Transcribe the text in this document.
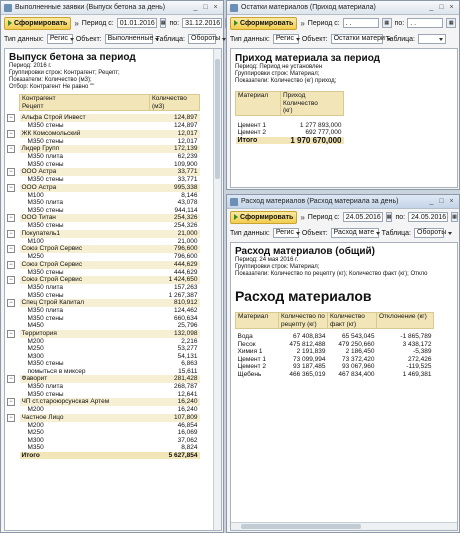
Выполненные заявки (Выпуск бетона за день)	_ □ ×
Сформировать » Период с: 01.01.2016	▦ по: 31.12.2016
Тип данных: Регис Объект: Выполненные Таблица: Обороты
Выпуск бетона за период
Период: 2016 г.
Группировки строк: Контрагент; Рецепт;
Показатели: Количество (м3);
Отбор: Контрагент Не равно ""
	Контрагент
Рецепт	Количество
(м3)

−	Альфа Строй Инвест	124,897
	M350 стены	124,897
−	ЖК Комсомольский	12,017
	M350 стены	12,017
−	Лидер Групп	172,139
	M350 плита	62,239
	M350 стены	109,900
−	ООО Астра	33,771
	M350 стены	33,771
−	ООО Астра	995,338
	M100	8,146
	M350 плита	43,078
	M350 стены	944,114
−	ООО Титан	254,326
	M350 стены	254,326
−	Покупатель1	21,000
	M100	21,000
−	Союз Строй Сервис	796,600
	M250	796,600
−	Союз Строй Сервис	444,629
	M350 стены	444,629
−	Союз Строй Сервис	1 424,650
	M350 плита	157,263
	M350 стены	1 267,387
−	Спец Строй Капитал	810,912
	M350 плита	124,462
	M350 стены	660,634
	M450	25,796
−	Территория	132,098
	M200	2,216
	M250	53,277
	M300	54,131
	M350 стены	6,863
	помыться в миксер	15,611
−	Фаворит	281,428
	M350 плита	268,787
	M350 стены	12,641
−	ЧП ст.староюрсунская Артем	16,240
	M200	16,240
−	Частное Лицо	107,809
	M200	46,854
	M250	16,069
	M300	37,062
	M350	8,824
	Итого	5 627,854
Остатки материалов (Приход материала)	_ □ ×
Сформировать » Период с: . .	▦ по: . .	▦
Тип данных: Регис Объект: Остатки матери Таблица:
Приход материала за период
Период: Период не установлен
Группировки строк: Материал;
Показатели: Количество (кг) приход;
Материал	Приход
Количество
(кг)

Цемент 1	1 277 893,000
Цемент 2	692 777,000
Итого	1 970 670,000
Расход материалов (Расход материала за день)	_ □ ×
Сформировать » Период с: 24.05.2016	▦ по: 24.05.2016	▦
Тип данных: Регис Объект: Расход мате Таблица: Обороты
Расход материалов (общий)
Период: 24 мая 2016 г.
Группировки строк: Материал;
Показатели: Количество по рецепту (кг); Количество факт (кг); Откло
Расход материалов
Материал	Количество по рецепту (кг)	Количество факт (кг)	Отклонение (кг)

Вода	67 408,834	65 543,045	-1 865,789
Песок	475 812,488	479 250,660	3 438,172
Химия 1	2 191,839	2 186,450	-5,389
Цемент 1	73 099,994	73 372,420	272,426
Цемент 2	93 187,485	93 067,960	-119,525
Щебень	466 365,019	467 834,400	1 469,381
